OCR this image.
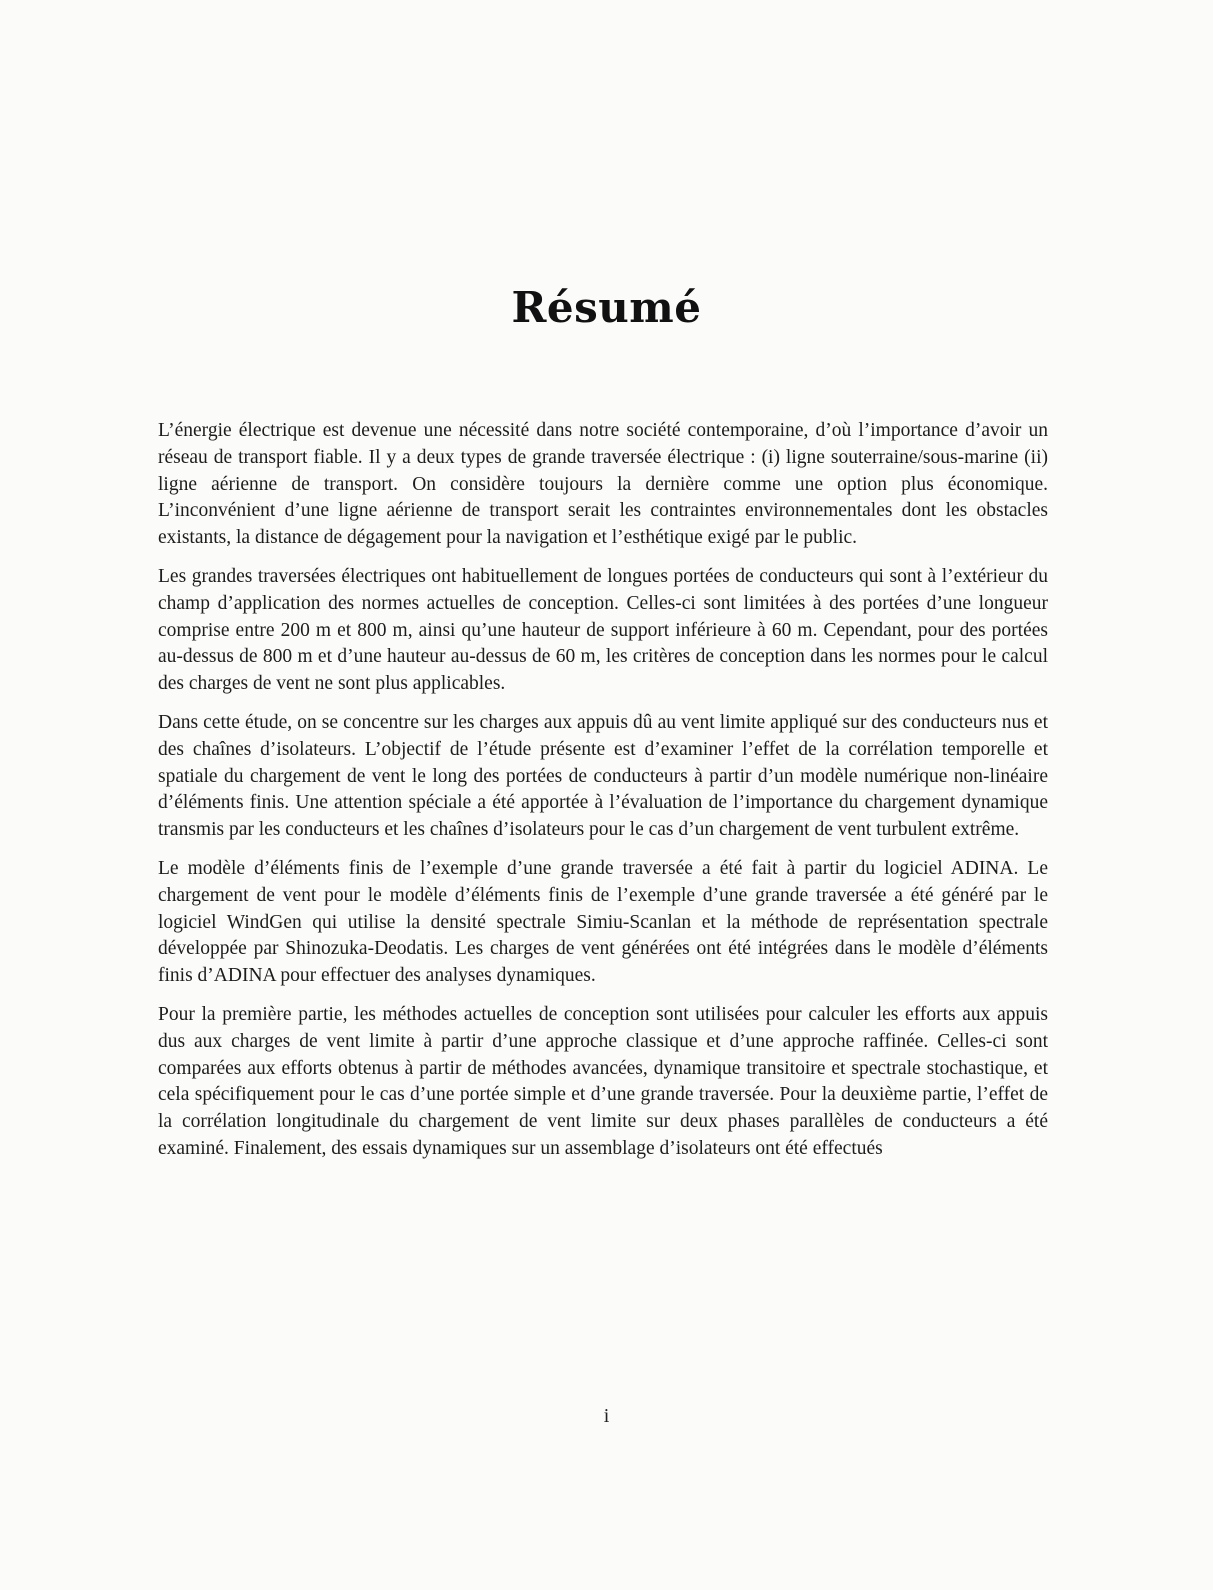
Résumé

L’énergie électrique est devenue une nécessité dans notre société contemporaine, d’où l’importance d’avoir un réseau de transport fiable. Il y a deux types de grande traversée électrique : (i) ligne souterraine/sous-marine (ii) ligne aérienne de transport. On considère toujours la dernière comme une option plus économique. L’inconvénient d’une ligne aérienne de transport serait les contraintes environnementales dont les obstacles existants, la distance de dégagement pour la navigation et l’esthétique exigé par le public.

Les grandes traversées électriques ont habituellement de longues portées de conducteurs qui sont à l’extérieur du champ d’application des normes actuelles de conception. Celles-ci sont limitées à des portées d’une longueur comprise entre 200 m et 800 m, ainsi qu’une hauteur de support inférieure à 60 m. Cependant, pour des portées au-dessus de 800 m et d’une hauteur au-dessus de 60 m, les critères de conception dans les normes pour le calcul des charges de vent ne sont plus applicables.

Dans cette étude, on se concentre sur les charges aux appuis dû au vent limite appliqué sur des conducteurs nus et des chaînes d’isolateurs. L’objectif de l’étude présente est d’examiner l’effet de la corrélation temporelle et spatiale du chargement de vent le long des portées de conducteurs à partir d’un modèle numérique non-linéaire d’éléments finis. Une attention spéciale a été apportée à l’évaluation de l’importance du chargement dynamique transmis par les conducteurs et les chaînes d’isolateurs pour le cas d’un chargement de vent turbulent extrême.

Le modèle d’éléments finis de l’exemple d’une grande traversée a été fait à partir du logiciel ADINA. Le chargement de vent pour le modèle d’éléments finis de l’exemple d’une grande traversée a été généré par le logiciel WindGen qui utilise la densité spectrale Simiu-Scanlan et la méthode de représentation spectrale développée par Shinozuka-Deodatis. Les charges de vent générées ont été intégrées dans le modèle d’éléments finis d’ADINA pour effectuer des analyses dynamiques.

Pour la première partie, les méthodes actuelles de conception sont utilisées pour calculer les efforts aux appuis dus aux charges de vent limite à partir d’une approche classique et d’une approche raffinée. Celles-ci sont comparées aux efforts obtenus à partir de méthodes avancées, dynamique transitoire et spectrale stochastique, et cela spécifiquement pour le cas d’une portée simple et d’une grande traversée. Pour la deuxième partie, l’effet de la corrélation longitudinale du chargement de vent limite sur deux phases parallèles de conducteurs a été examiné. Finalement, des essais dynamiques sur un assemblage d’isolateurs ont été effectués

i
